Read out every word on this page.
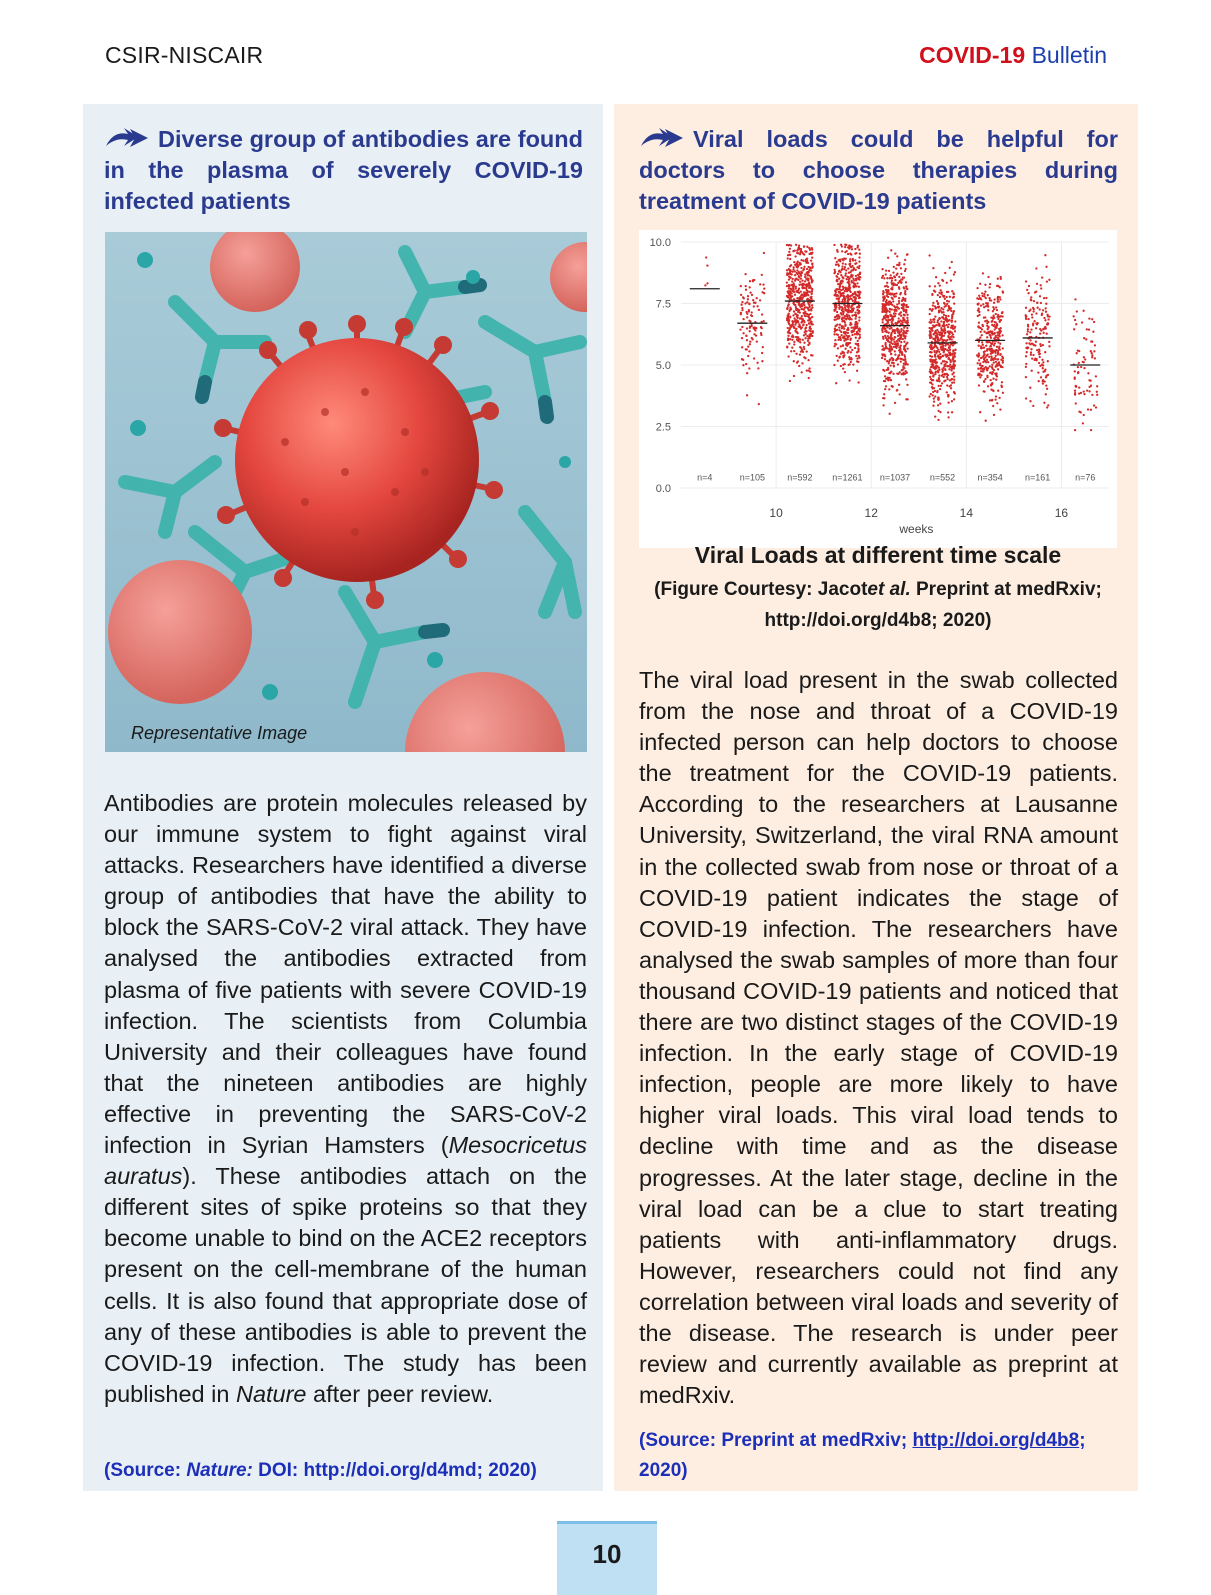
CSIR-NISCAIR	COVID-19 Bulletin
Diverse group of antibodies are found in the plasma of severely COVID-19 infected patients
Representative Image
Antibodies are protein molecules released by our immune system to fight against viral attacks. Researchers have identified a diverse group of antibodies that have the ability to block the SARS-CoV-2 viral attack. They have analysed the antibodies extracted from plasma of five patients with severe COVID-19 infection. The scientists from Columbia University and their colleagues have found that the nineteen antibodies are highly effective in preventing the SARS-CoV-2 infection in Syrian Hamsters (Mesocricetus auratus). These antibodies attach on the different sites of spike proteins so that they become unable to bind on the ACE2 receptors present on the cell-membrane of the human cells. It is also found that appropriate dose of any of these antibodies is able to prevent the COVID-19 infection. The study has been published in Nature after peer review.
(Source: Nature: DOI: http://doi.org/d4md; 2020)
Viral loads could be helpful for doctors to choose therapies during treatment of COVID-19 patients
0.0
2.5
5.0
7.5
10.0
10	12	14	16
weeks
n=4	n=105 n=592 n=1261 n=1037 n=552 n=354 n=161	n=76
Viral Loads at different time scale
(Figure Courtesy: Jacotet al. Preprint at medRxiv; http://doi.org/d4b8; 2020)
The viral load present in the swab collected from the nose and throat of a COVID-19 infected person can help doctors to choose the treatment for the COVID-19 patients. According to the researchers at Lausanne University, Switzerland, the viral RNA amount in the collected swab from nose or throat of a COVID-19 patient indicates the stage of COVID-19 infection. The researchers have analysed the swab samples of more than four thousand COVID-19 patients and noticed that there are two distinct stages of the COVID-19 infection. In the early stage of COVID-19 infection, people are more likely to have higher viral loads. This viral load tends to decline with time and as the disease progresses. At the later stage, decline in the viral load can be a clue to start treating patients with anti-inflammatory drugs. However, researchers could not find any correlation between viral loads and severity of the disease. The research is under peer review and currently available as preprint at medRxiv.
(Source: Preprint at medRxiv; http://doi.org/d4b8; 2020)
10
